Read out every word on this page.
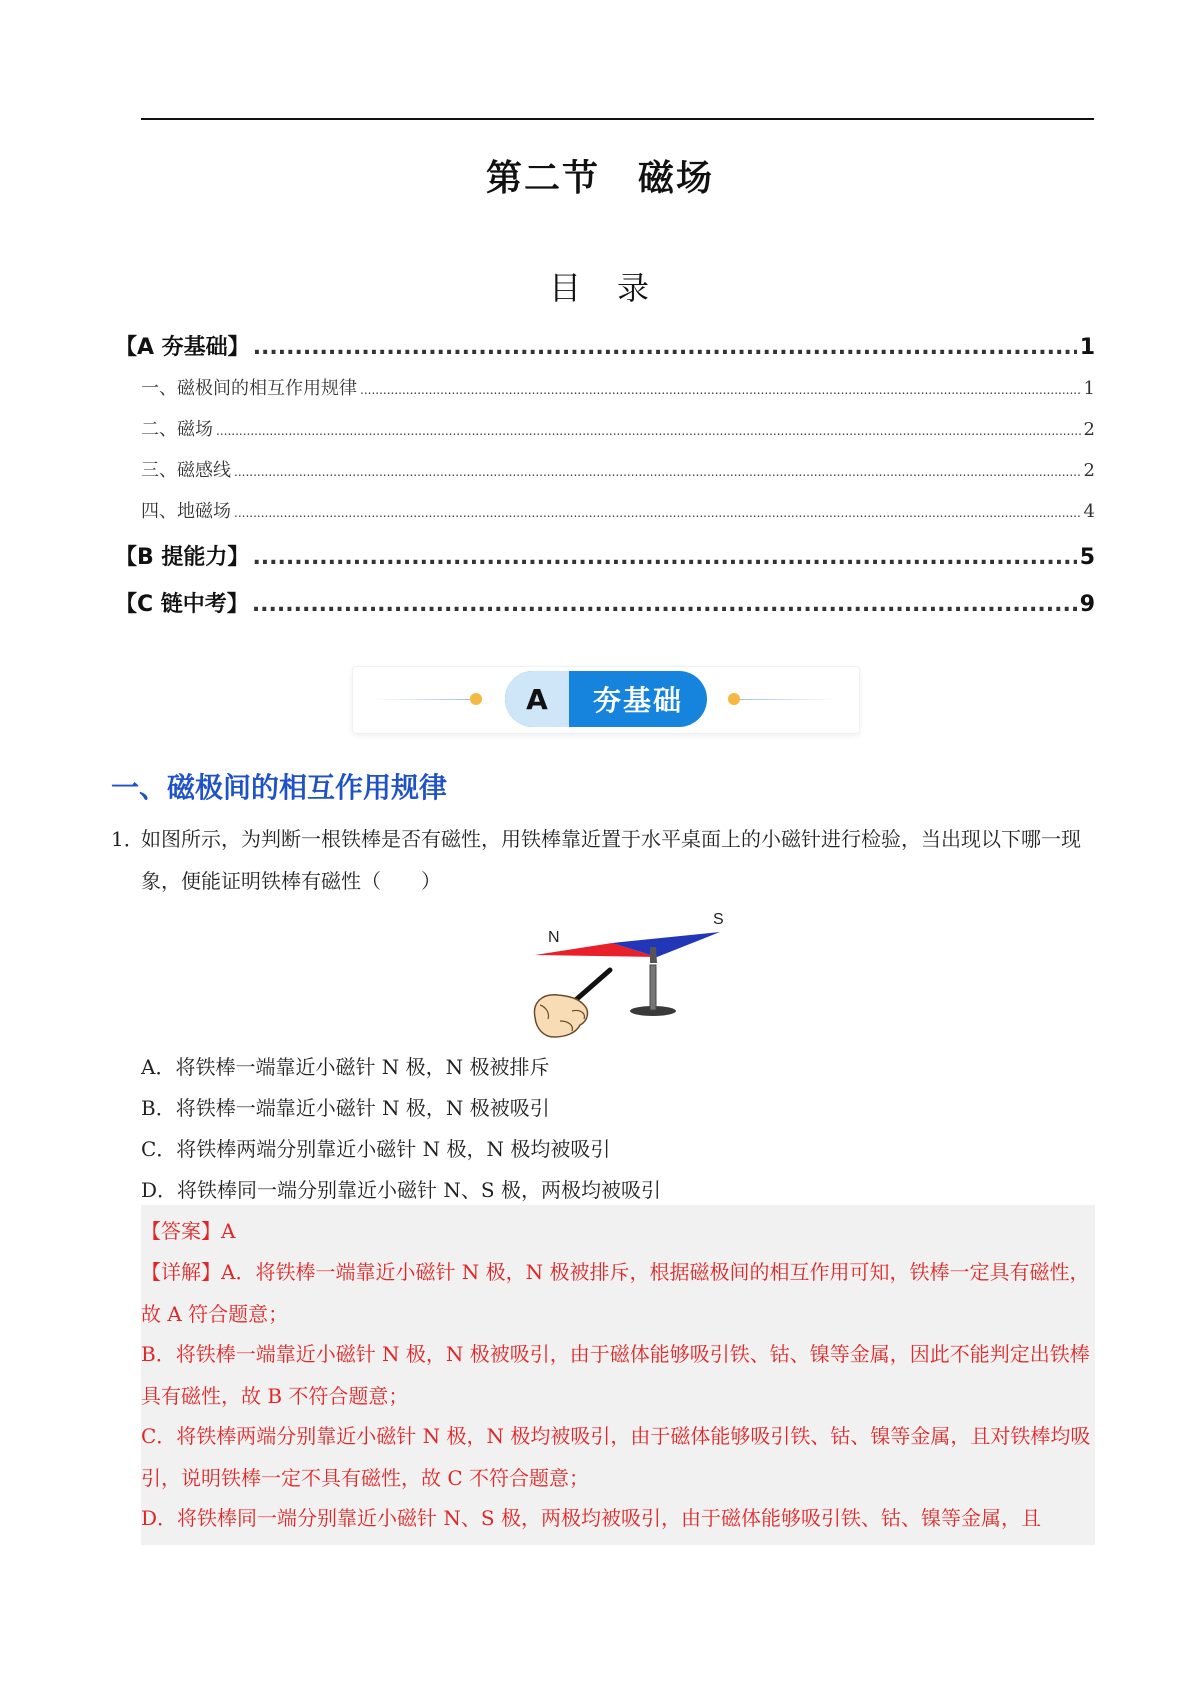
第二节　磁场
目　录
【A 夯基础】 .....	1
一、磁极间的相互作用规律 .....	1
二、磁场 .....	2
三、磁感线 .....	2
四、地磁场 .....	4
【B 提能力】 .....	5
【C 链中考】 .....	9
A	夯基础
一、磁极间的相互作用规律
1．
如图所示，为判断一根铁棒是否有磁性，用铁棒靠近置于水平桌面上的小磁针进行检验，当出现以下哪一现象，便能证明铁棒有磁性（　　）
N
S
A．将铁棒一端靠近小磁针 N 极，N 极被排斥
B．将铁棒一端靠近小磁针 N 极，N 极被吸引
C．将铁棒两端分别靠近小磁针 N 极，N 极均被吸引
D．将铁棒同一端分别靠近小磁针 N、S 极，两极均被吸引
【答案】A
【详解】A．将铁棒一端靠近小磁针 N 极，N 极被排斥，根据磁极间的相互作用可知，铁棒一定具有磁性，故 A 符合题意；
B．将铁棒一端靠近小磁针 N 极，N 极被吸引，由于磁体能够吸引铁、钴、镍等金属，因此不能判定出铁棒具有磁性，故 B 不符合题意；
C．将铁棒两端分别靠近小磁针 N 极，N 极均被吸引，由于磁体能够吸引铁、钴、镍等金属，且对铁棒均吸引，说明铁棒一定不具有磁性，故 C 不符合题意；
D．将铁棒同一端分别靠近小磁针 N、S 极，两极均被吸引，由于磁体能够吸引铁、钴、镍等金属，且
